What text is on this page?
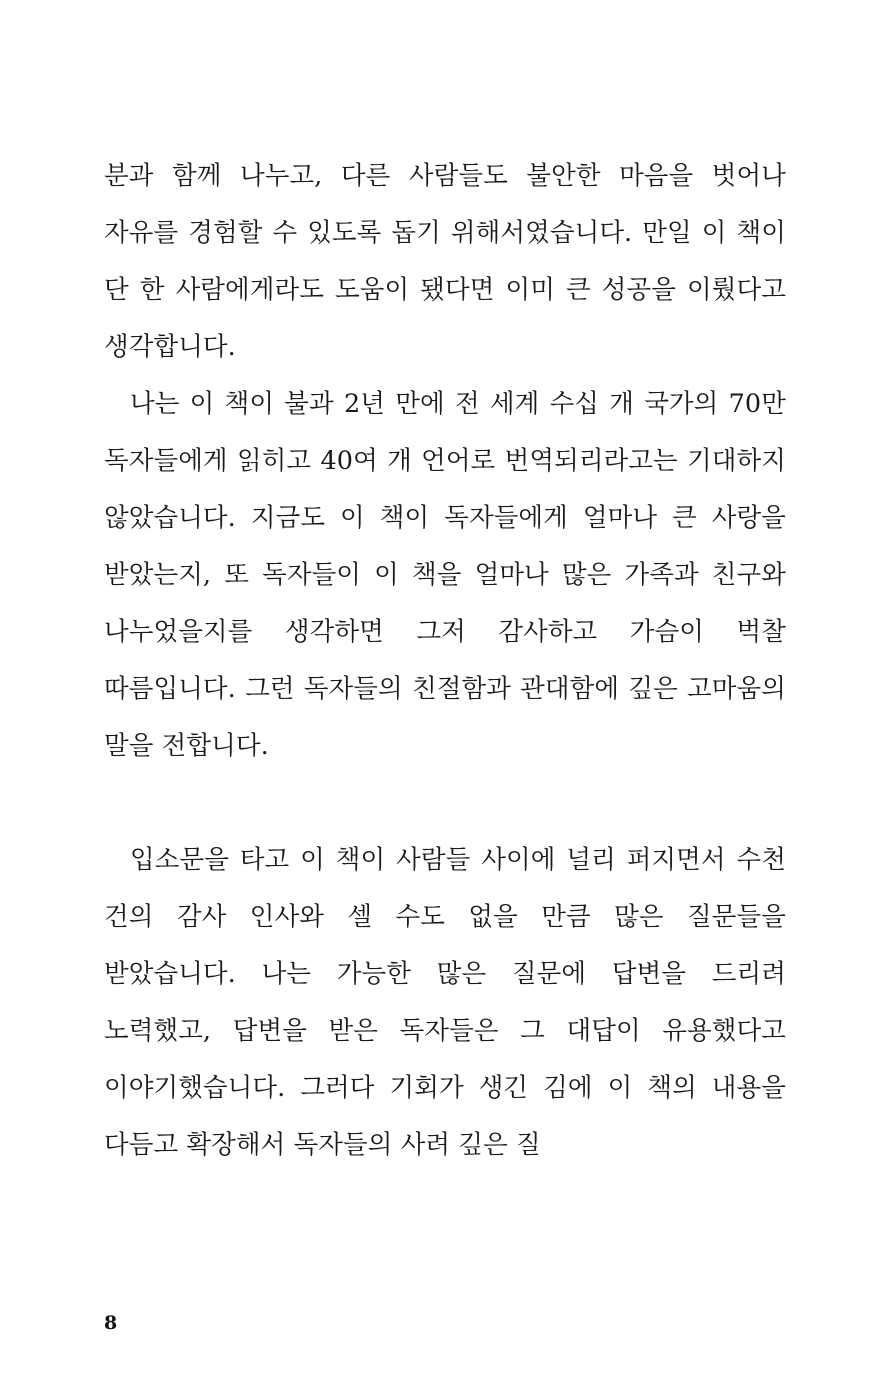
분과 함께 나누고, 다른 사람들도 불안한 마음을 벗어나 자유를 경험할 수 있도록 돕기 위해서였습니다. 만일 이 책이 단 한 사람에게라도 도움이 됐다면 이미 큰 성공을 이뤘다고 생각합니다.

나는 이 책이 불과 2년 만에 전 세계 수십 개 국가의 70만 독자들에게 읽히고 40여 개 언어로 번역되리라고는 기대하지 않았습니다. 지금도 이 책이 독자들에게 얼마나 큰 사랑을 받았는지, 또 독자들이 이 책을 얼마나 많은 가족과 친구와 나누었을지를 생각하면 그저 감사하고 가슴이 벅찰 따름입니다. 그런 독자들의 친절함과 관대함에 깊은 고마움의 말을 전합니다.

입소문을 타고 이 책이 사람들 사이에 널리 퍼지면서 수천 건의 감사 인사와 셀 수도 없을 만큼 많은 질문들을 받았습니다. 나는 가능한 많은 질문에 답변을 드리려 노력했고, 답변을 받은 독자들은 그 대답이 유용했다고 이야기했습니다. 그러다 기회가 생긴 김에 이 책의 내용을 다듬고 확장해서 독자들의 사려 깊은 질

8
